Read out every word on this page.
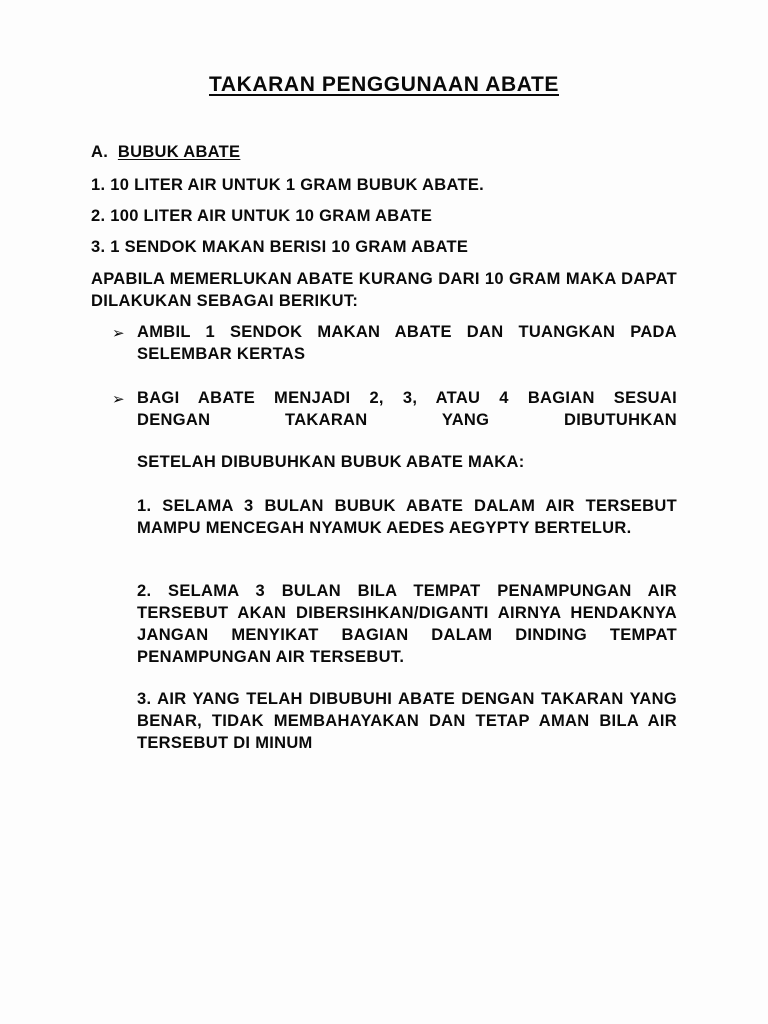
TAKARAN PENGGUNAAN ABATE
A. BUBUK ABATE
1. 10 LITER AIR UNTUK 1 GRAM BUBUK ABATE.
2. 100 LITER AIR UNTUK 10 GRAM ABATE
3. 1 SENDOK MAKAN BERISI 10 GRAM ABATE
APABILA MEMERLUKAN ABATE KURANG DARI 10 GRAM MAKA DAPAT DILAKUKAN SEBAGAI BERIKUT:
➢ AMBIL 1 SENDOK MAKAN ABATE DAN TUANGKAN PADA SELEMBAR KERTAS
➢ BAGI ABATE MENJADI 2, 3, ATAU 4 BAGIAN SESUAI
DENGAN TAKARAN YANG DIBUTUHKAN
SETELAH DIBUBUHKAN BUBUK ABATE MAKA:
1. SELAMA 3 BULAN BUBUK ABATE DALAM AIR TERSEBUT MAMPU MENCEGAH NYAMUK AEDES AEGYPTY BERTELUR.
2. SELAMA 3 BULAN BILA TEMPAT PENAMPUNGAN AIR TERSEBUT AKAN DIBERSIHKAN/DIGANTI AIRNYA HENDAKNYA JANGAN MENYIKAT BAGIAN DALAM DINDING TEMPAT PENAMPUNGAN AIR TERSEBUT.
3. AIR YANG TELAH DIBUBUHI ABATE DENGAN TAKARAN YANG BENAR, TIDAK MEMBAHAYAKAN DAN TETAP AMAN BILA AIR TERSEBUT DI MINUM
